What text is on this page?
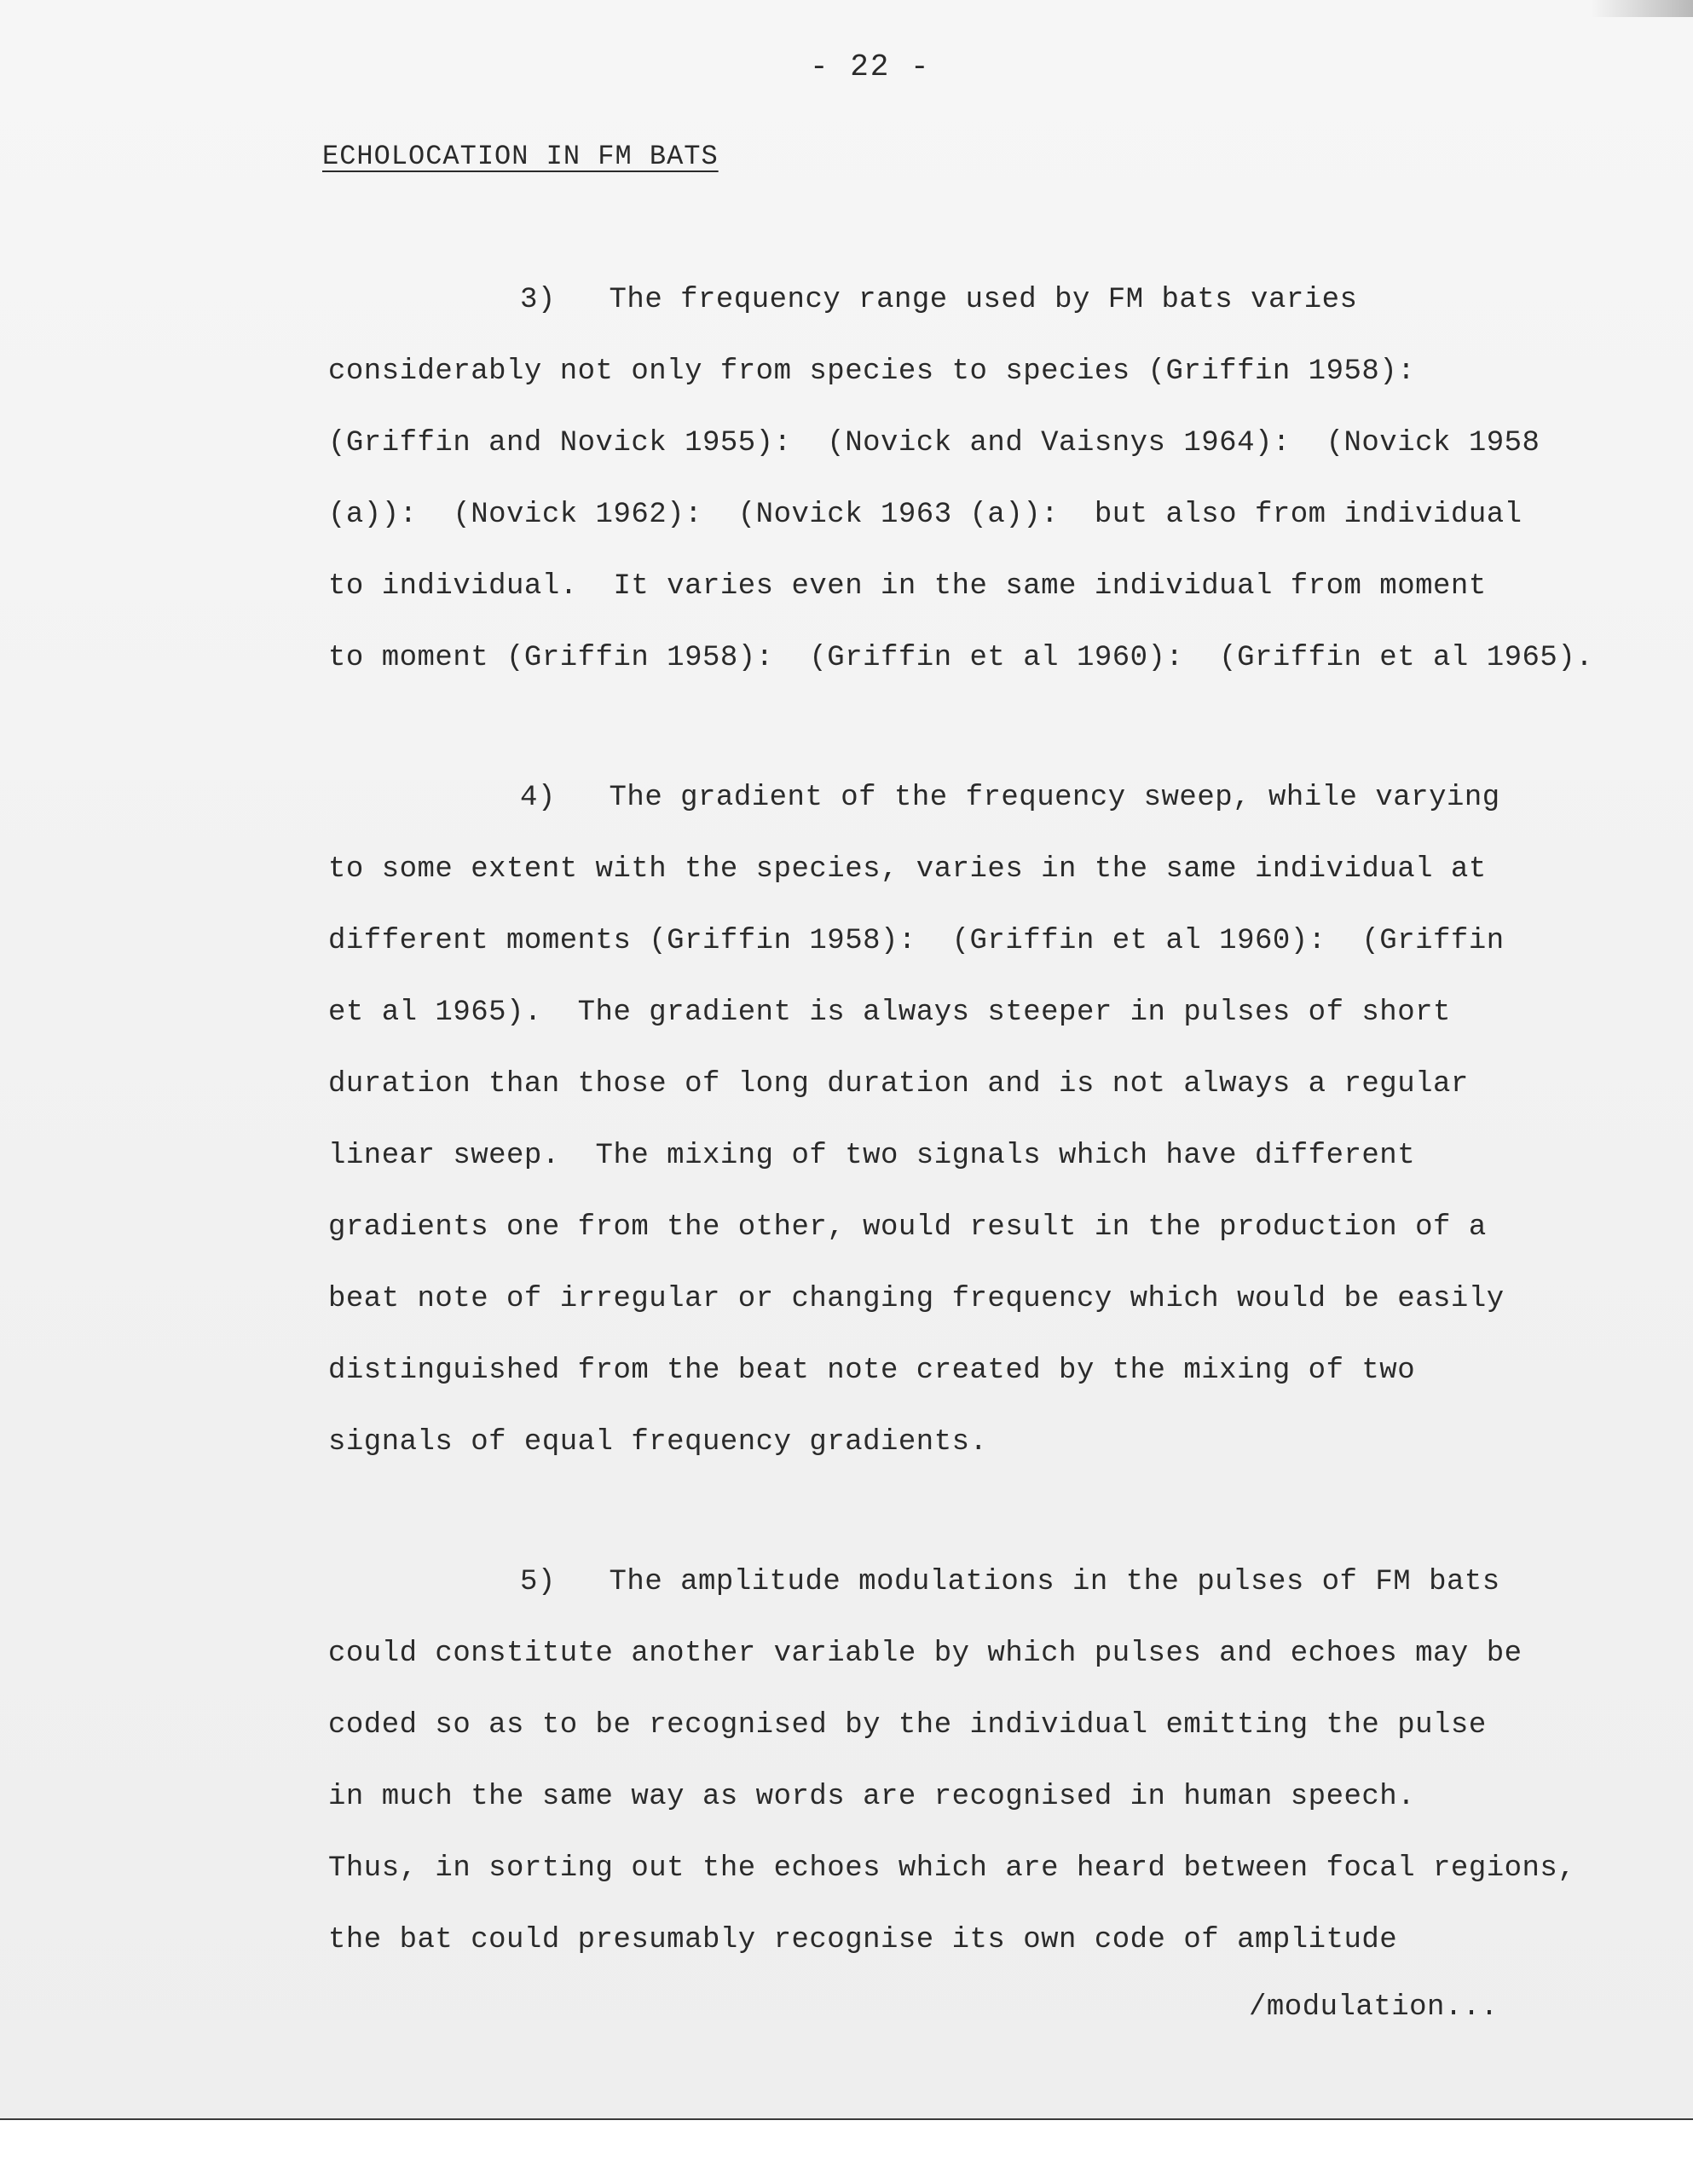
- 22 -
ECHOLOCATION IN FM BATS
3)   The frequency range used by FM bats varies
considerably not only from species to species (Griffin 1958):
(Griffin and Novick 1955):  (Novick and Vaisnys 1964):  (Novick 1958
(a)):  (Novick 1962):  (Novick 1963 (a)):  but also from individual
to individual.  It varies even in the same individual from moment
to moment (Griffin 1958):  (Griffin et al 1960):  (Griffin et al 1965).
4)   The gradient of the frequency sweep, while varying
to some extent with the species, varies in the same individual at
different moments (Griffin 1958):  (Griffin et al 1960):  (Griffin
et al 1965).  The gradient is always steeper in pulses of short
duration than those of long duration and is not always a regular
linear sweep.  The mixing of two signals which have different
gradients one from the other, would result in the production of a
beat note of irregular or changing frequency which would be easily
distinguished from the beat note created by the mixing of two
signals of equal frequency gradients.
5)   The amplitude modulations in the pulses of FM bats
could constitute another variable by which pulses and echoes may be
coded so as to be recognised by the individual emitting the pulse
in much the same way as words are recognised in human speech.
Thus, in sorting out the echoes which are heard between focal regions,
the bat could presumably recognise its own code of amplitude
/modulation...
